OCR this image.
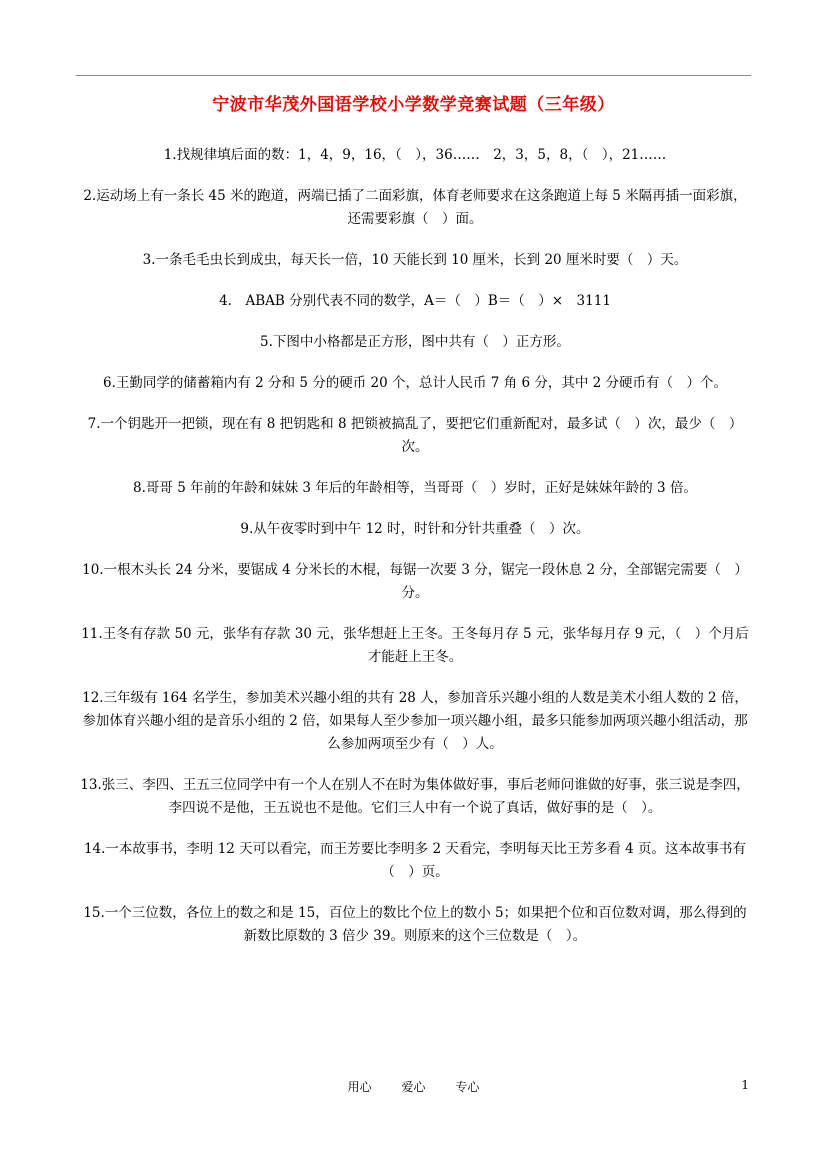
宁波市华茂外国语学校小学数学竞赛试题（三年级）
1.找规律填后面的数：1，4，9，16，（　），36……　2，3，5，8，（　），21……
2.运动场上有一条长 45 米的跑道，两端已插了二面彩旗，体育老师要求在这条跑道上每 5 米隔再插一面彩旗，还需要彩旗（　）面。
3.一条毛毛虫长到成虫，每天长一倍，10 天能长到 10 厘米，长到 20 厘米时要（　）天。
4.　ABAB 分别代表不同的数学，A＝（　）B＝（　）×　3111
5.下图中小格都是正方形，图中共有（　）正方形。
6.王勤同学的储蓄箱内有 2 分和 5 分的硬币 20 个，总计人民币 7 角 6 分，其中 2 分硬币有（　）个。
7.一个钥匙开一把锁，现在有 8 把钥匙和 8 把锁被搞乱了，要把它们重新配对，最多试（　）次，最少（　）次。
8.哥哥 5 年前的年龄和妹妹 3 年后的年龄相等，当哥哥（　）岁时，正好是妹妹年龄的 3 倍。
9.从午夜零时到中午 12 时，时针和分针共重叠（　）次。
10.一根木头长 24 分米，要锯成 4 分米长的木棍，每锯一次要 3 分，锯完一段休息 2 分，全部锯完需要（　）分。
11.王冬有存款 50 元，张华有存款 30 元，张华想赶上王冬。王冬每月存 5 元，张华每月存 9 元，（　）个月后才能赶上王冬。
12.三年级有 164 名学生，参加美术兴趣小组的共有 28 人，参加音乐兴趣小组的人数是美术小组人数的 2 倍，参加体育兴趣小组的是音乐小组的 2 倍，如果每人至少参加一项兴趣小组，最多只能参加两项兴趣小组活动，那么参加两项至少有（　）人。
13.张三、李四、王五三位同学中有一个人在别人不在时为集体做好事，事后老师问谁做的好事，张三说是李四，李四说不是他，王五说也不是他。它们三人中有一个说了真话，做好事的是（　）。
14.一本故事书，李明 12 天可以看完，而王芳要比李明多 2 天看完，李明每天比王芳多看 4 页。这本故事书有（　）页。
15.一个三位数，各位上的数之和是 15，百位上的数比个位上的数小 5；如果把个位和百位数对调，那么得到的新数比原数的 3 倍少 39。则原来的这个三位数是（　）。
用心 爱心 专心	1
